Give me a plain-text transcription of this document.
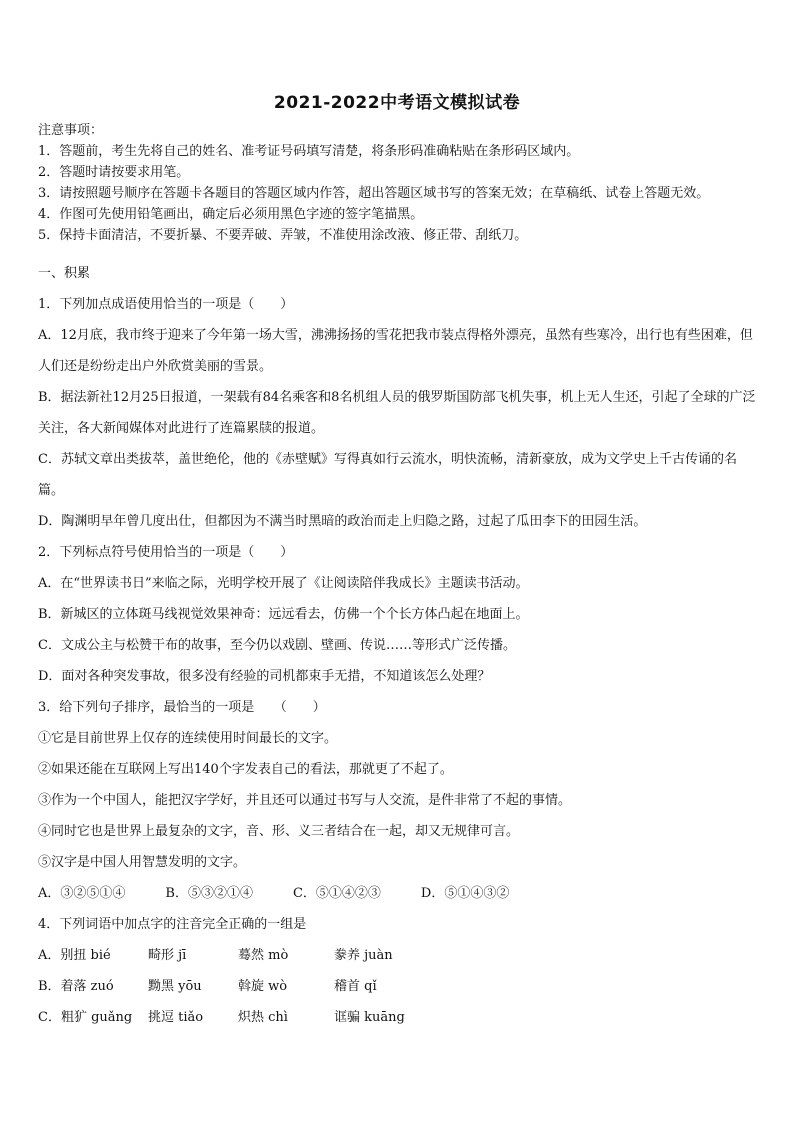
2021-2022中考语文模拟试卷
注意事项：
1．答题前，考生先将自己的姓名、准考证号码填写清楚，将条形码准确粘贴在条形码区域内。
2．答题时请按要求用笔。
3．请按照题号顺序在答题卡各题目的答题区域内作答，超出答题区域书写的答案无效；在草稿纸、试卷上答题无效。
4．作图可先使用铅笔画出，确定后必须用黑色字迹的签字笔描黑。
5．保持卡面清洁，不要折暴、不要弄破、弄皱，不准使用涂改液、修正带、刮纸刀。
一、积累
1．下列加点成语使用恰当的一项是（　　）
A．12月底，我市终于迎来了今年第一场大雪，沸沸扬扬的雪花把我市装点得格外漂亮，虽然有些寒冷，出行也有些困难，但人们还是纷纷走出户外欣赏美丽的雪景。
B．据法新社12月25日报道，一架载有84名乘客和8名机组人员的俄罗斯国防部飞机失事，机上无人生还，引起了全球的广泛关注，各大新闻媒体对此进行了连篇累牍的报道。
C．苏轼文章出类拔萃，盖世绝伦，他的《赤壁赋》写得真如行云流水，明快流畅，清新豪放，成为文学史上千古传诵的名篇。
D．陶渊明早年曾几度出仕，但都因为不满当时黑暗的政治而走上归隐之路，过起了瓜田李下的田园生活。
2．下列标点符号使用恰当的一项是（　　）
A．在“世界读书日”来临之际，光明学校开展了《让阅读陪伴我成长》主题读书活动。
B．新城区的立体斑马线视觉效果神奇：远远看去，仿佛一个个长方体凸起在地面上。
C．文成公主与松赞干布的故事，至今仍以戏剧、壁画、传说……等形式广泛传播。
D．面对各种突发事故，很多没有经验的司机都束手无措，不知道该怎么处理？
3．给下列句子排序，最恰当的一项是　　（　　）
①它是目前世界上仅存的连续使用时间最长的文字。
②如果还能在互联网上写出140个字发表自己的看法，那就更了不起了。
③作为一个中国人，能把汉字学好，并且还可以通过书写与人交流，是件非常了不起的事情。
④同时它也是世界上最复杂的文字，音、形、义三者结合在一起，却又无规律可言。
⑤汉字是中国人用智慧发明的文字。
A．③②⑤①④	B．⑤③②①④	C．⑤①④②③	D．⑤①④③②
4．下列词语中加点字的注音完全正确的一组是
A．别扭 bié	畸形 jī	蓦然 mò	豢养 juàn
B．着落 zuó	黝黑 yōu	斡旋 wò	稽首 qǐ
C．粗犷 guǎng	挑逗 tiǎo	炽热 chì	诓骗 kuāng
